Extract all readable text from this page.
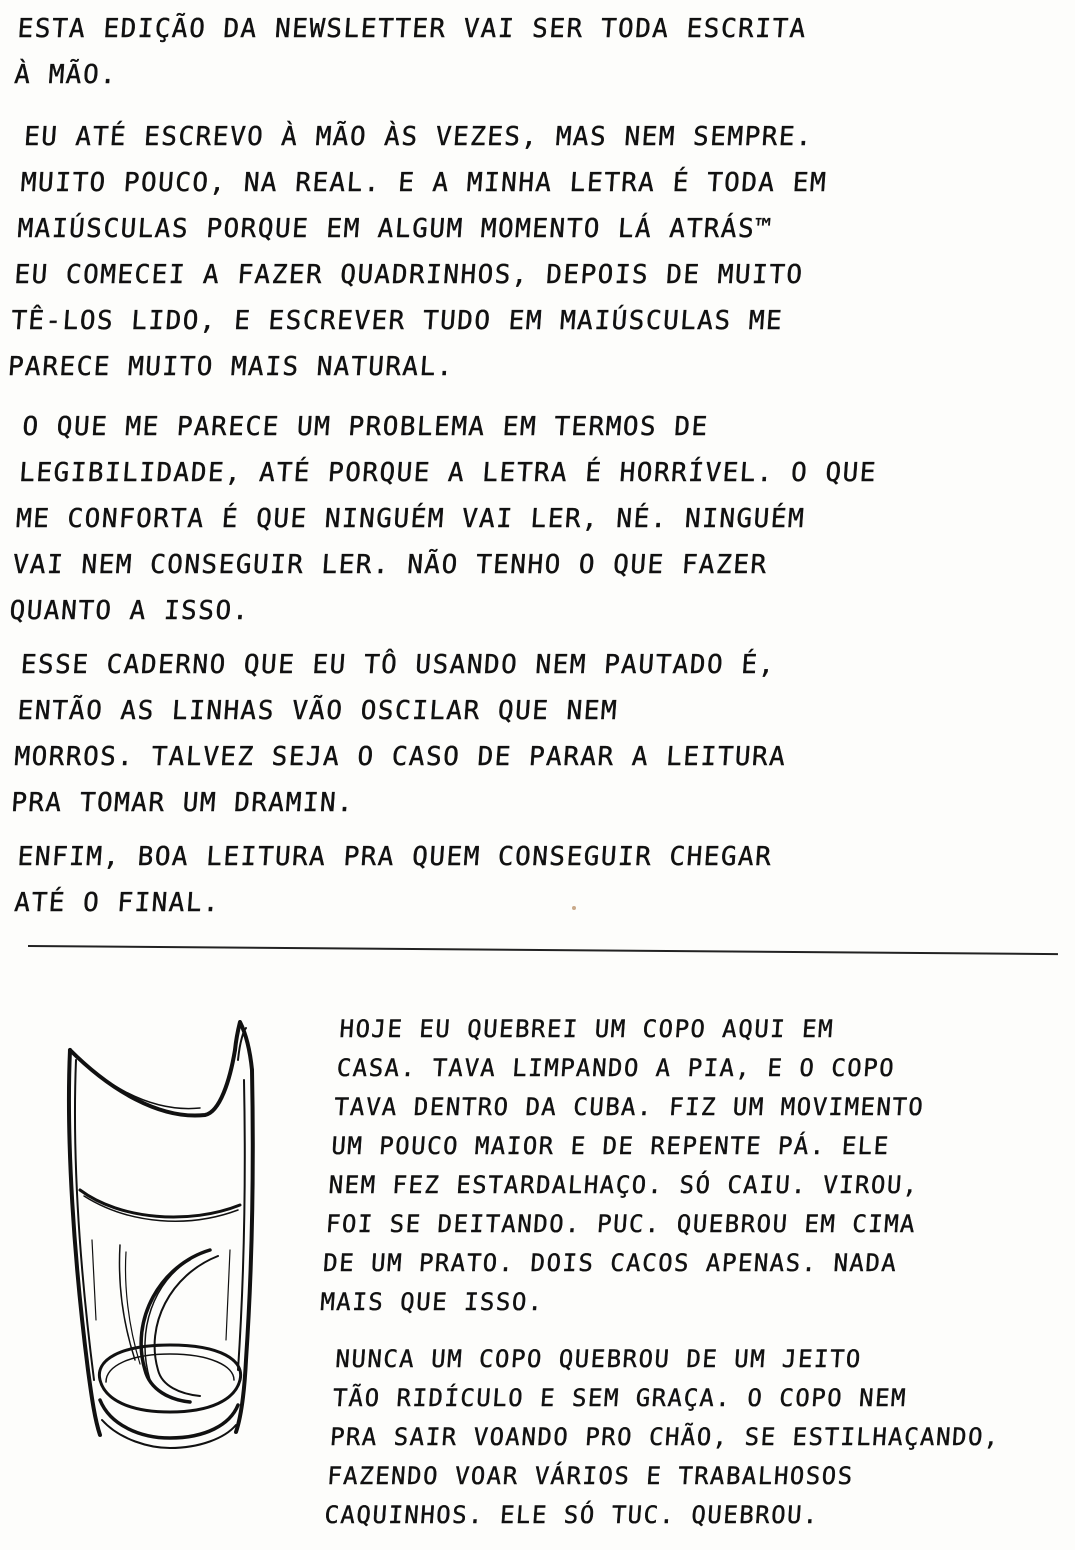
ESTA EDIÇÃO DA NEWSLETTER VAI SER TODA ESCRITA
À MÃO.

EU ATÉ ESCREVO À MÃO ÀS VEZES, MAS NEM SEMPRE.
MUITO POUCO, NA REAL. E A MINHA LETRA É TODA EM
MAIÚSCULAS PORQUE EM ALGUM MOMENTO LÁ ATRÁS™
EU COMECEI A FAZER QUADRINHOS, DEPOIS DE MUITO
TÊ-LOS LIDO, E ESCREVER TUDO EM MAIÚSCULAS ME
PARECE MUITO MAIS NATURAL.

O QUE ME PARECE UM PROBLEMA EM TERMOS DE
LEGIBILIDADE, ATÉ PORQUE A LETRA É HORRÍVEL. O QUE
ME CONFORTA É QUE NINGUÉM VAI LER, NÉ. NINGUÉM
VAI NEM CONSEGUIR LER. NÃO TENHO O QUE FAZER
QUANTO A ISSO.

ESSE CADERNO QUE EU TÔ USANDO NEM PAUTADO É,
ENTÃO AS LINHAS VÃO OSCILAR QUE NEM
MORROS. TALVEZ SEJA O CASO DE PARAR A LEITURA
PRA TOMAR UM DRAMIN.

ENFIM, BOA LEITURA PRA QUEM CONSEGUIR CHEGAR
ATÉ O FINAL.

HOJE EU QUEBREI UM COPO AQUI EM
CASA. TAVA LIMPANDO A PIA, E O COPO
TAVA DENTRO DA CUBA. FIZ UM MOVIMENTO
UM POUCO MAIOR E DE REPENTE PÁ. ELE
NEM FEZ ESTARDALHAÇO. SÓ CAIU. VIROU,
FOI SE DEITANDO. PUC. QUEBROU EM CIMA
DE UM PRATO. DOIS CACOS APENAS. NADA
MAIS QUE ISSO.

NUNCA UM COPO QUEBROU DE UM JEITO
TÃO RIDÍCULO E SEM GRAÇA. O COPO NEM
PRA SAIR VOANDO PRO CHÃO, SE ESTILHAÇANDO,
FAZENDO VOAR VÁRIOS E TRABALHOSOS
CAQUINHOS. ELE SÓ TUC. QUEBROU.
